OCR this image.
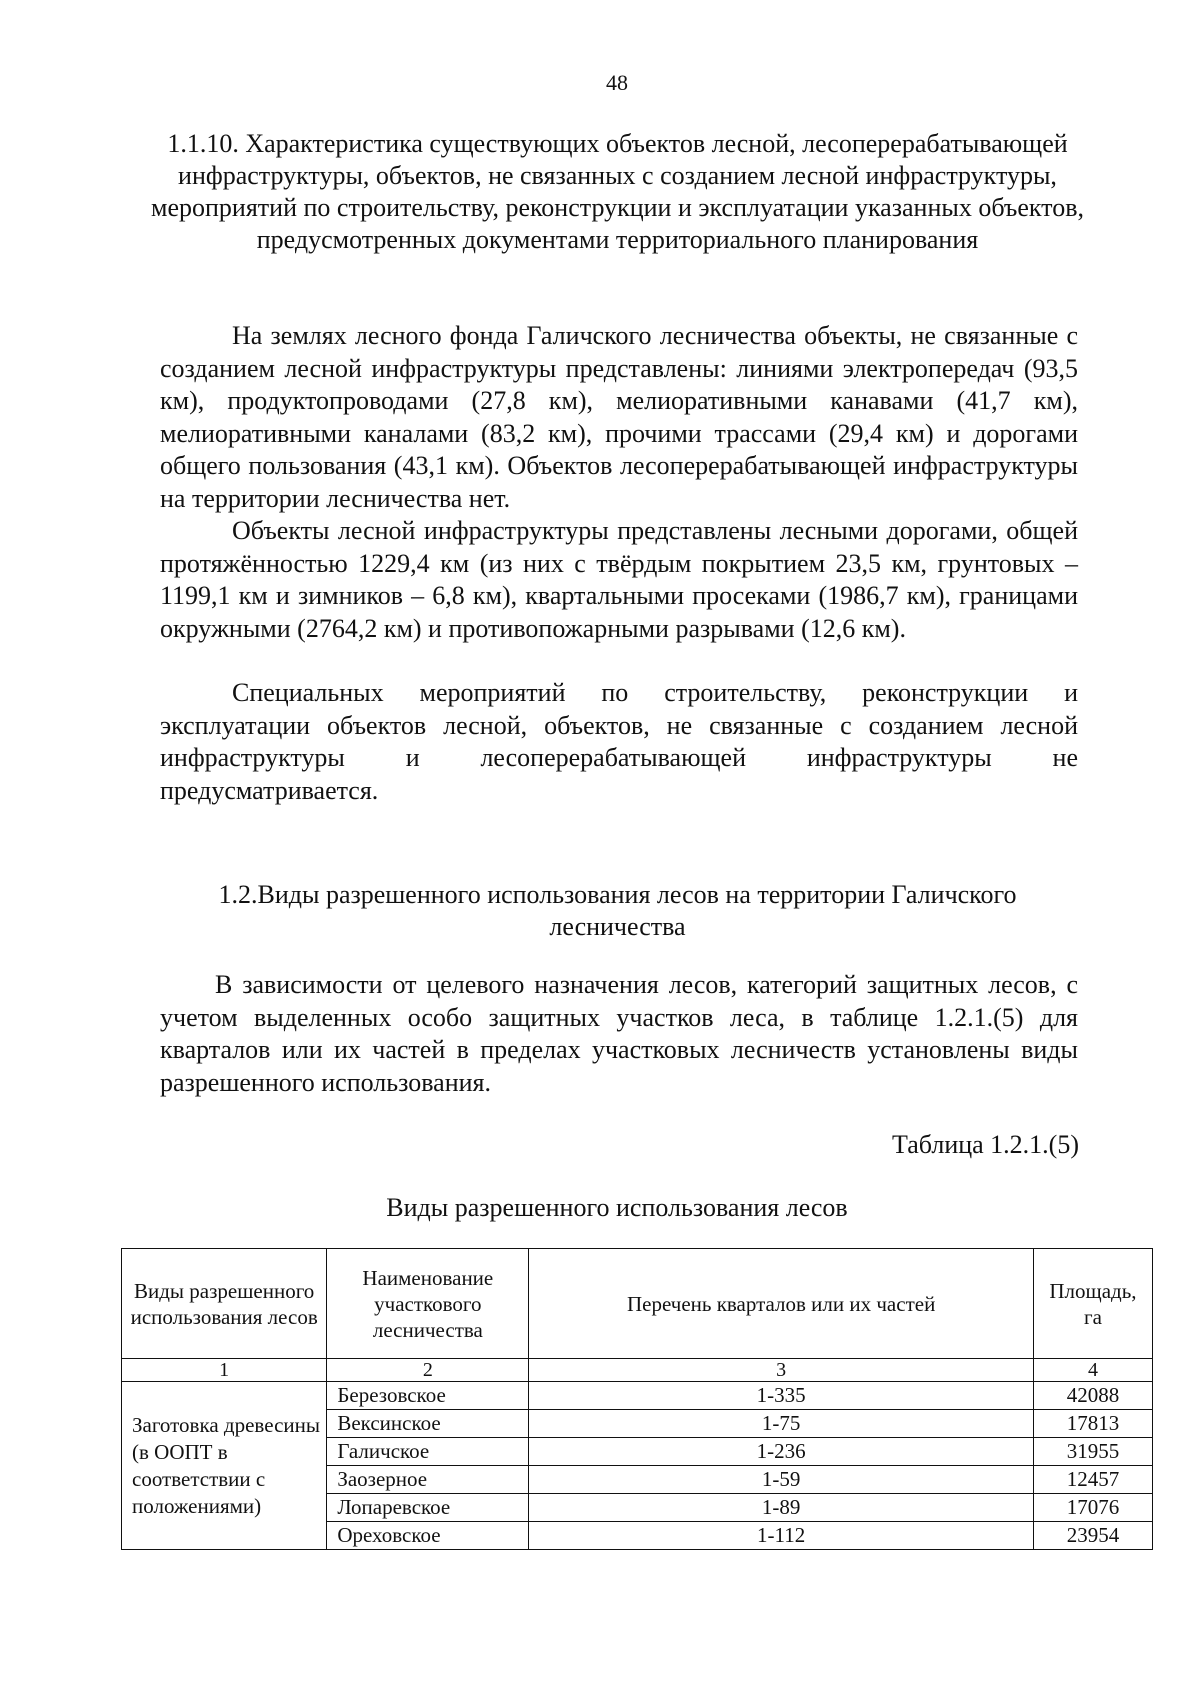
48
1.1.10. Характеристика существующих объектов лесной, лесоперерабатывающей инфраструктуры, объектов, не связанных с созданием лесной инфраструктуры, мероприятий по строительству, реконструкции и эксплуатации указанных объектов, предусмотренных документами территориального планирования

На землях лесного фонда Галичского лесничества объекты, не связанные с созданием лесной инфраструктуры представлены: линиями электропередач (93,5 км), продуктопроводами (27,8 км), мелиоративными канавами (41,7 км), мелиоративными каналами (83,2 км), прочими трассами (29,4 км) и дорогами общего пользования (43,1 км). Объектов лесоперерабатывающей инфраструктуры на территории лесничества нет.

Объекты лесной инфраструктуры представлены лесными дорогами, общей протяжённостью 1229,4 км (из них с твёрдым покрытием 23,5 км, грунтовых –1199,1 км и зимников – 6,8 км), квартальными просеками (1986,7 км), границами окружными (2764,2 км) и противопожарными разрывами (12,6 км).

Специальных мероприятий по строительству, реконструкции и эксплуатации объектов лесной, объектов, не связанные с созданием лесной инфраструктуры и лесоперерабатывающей инфраструктуры не
предусматривается.

1.2.Виды разрешенного использования лесов на территории Галичского
лесничества

В зависимости от целевого назначения лесов, категорий защитных лесов, с учетом выделенных особо защитных участков леса, в таблице 1.2.1.(5) для кварталов или их частей в пределах участковых лесничеств установлены виды разрешенного использования.

Таблица 1.2.1.(5)
Виды разрешенного использования лесов
Виды разрешенного использования лесов	Наименование участкового лесничества	Перечень кварталов или их частей	Площадь, га
1	2	3	4
Заготовка древесины (в ООПТ в соответствии с положениями)	Березовское	1-335	42088
	Вексинское	1-75	17813
	Галичское	1-236	31955
	Заозерное	1-59	12457
	Лопаревское	1-89	17076
	Ореховское	1-112	23954
